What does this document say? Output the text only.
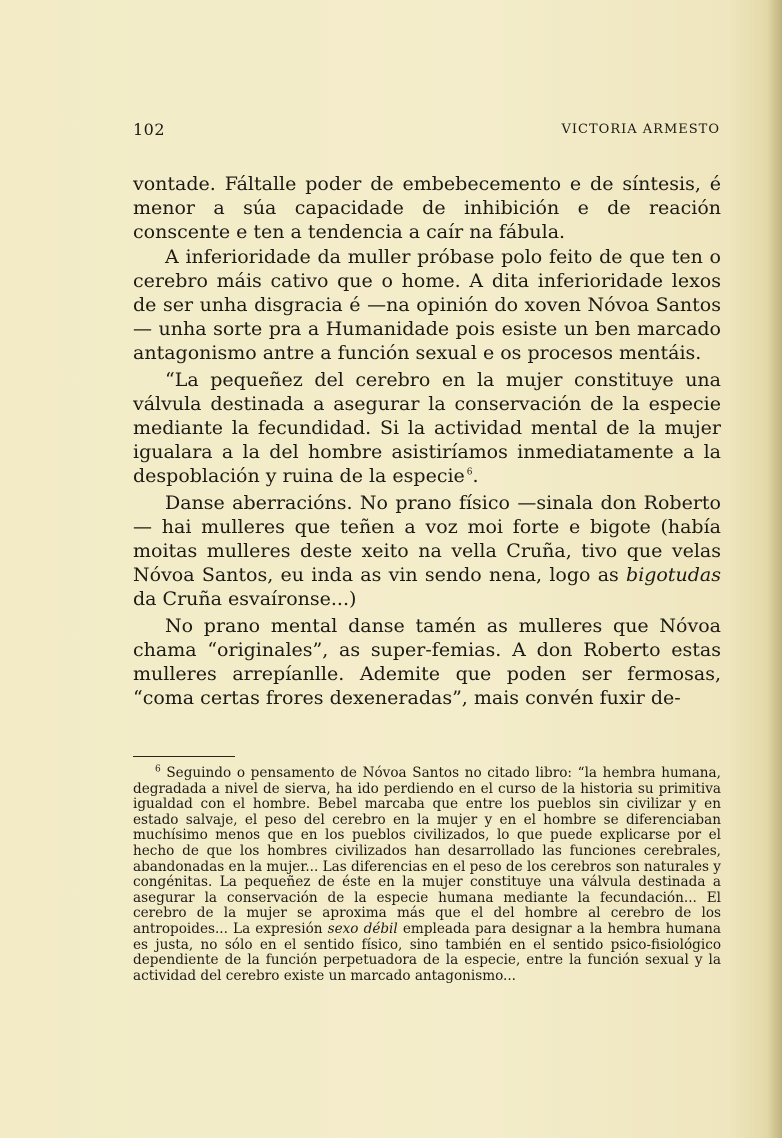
102	VICTORIA ARMESTO

vontade. Fáltalle poder de embebecemento e de síntesis, é menor a súa capacidade de inhibición e de reación conscente e ten a tendencia a caír na fábula.

A inferioridade da muller próbase polo feito de que ten o cerebro máis cativo que o home. A dita inferioridade lexos de ser unha disgracia é —na opinión do xoven Nóvoa Santos— unha sorte pra a Humanidade pois esiste un ben marcado antagonismo antre a función sexual e os procesos mentáis.

“La pequeñez del cerebro en la mujer constituye una válvula destinada a asegurar la conservación de la especie mediante la fecundidad. Si la actividad mental de la mujer igualara a la del hombre asistiríamos inmediatamente a la despoblación y ruina de la especie  $^6$.

Danse aberracións. No prano físico —sinala don Roberto— hai mulleres que teñen a voz moi forte e bigote (había moitas mulleres deste xeito na vella Cruña, tivo que velas Nóvoa Santos, eu inda as vin sendo nena, logo as bigotudas da Cruña esvaíronse...)

No prano mental danse tamén as mulleres que Nóvoa chama “originales”, as super-femias. A don Roberto estas mulleres arrepíanlle. Ademite que poden ser fermosas, “coma certas frores dexeneradas”, mais convén fuxir de-

$^6$ Seguindo o pensamento de Nóvoa Santos no citado libro: “la hembra humana, degradada a nivel de sierva, ha ido perdiendo en el curso de la historia su primitiva igualdad con el hombre. Bebel marcaba que entre los pueblos sin civilizar y en estado salvaje, el peso del cerebro en la mujer y en el hombre se diferenciaban muchísimo menos que en los pueblos civilizados, lo que puede explicarse por el hecho de que los hombres civilizados han desarrollado las funciones cerebrales, abandonadas en la mujer... Las diferencias en el peso de los cerebros son naturales y congénitas. La pequeñez de éste en la mujer constituye una válvula destinada a asegurar la conservación de la especie humana mediante la fecundación... El cerebro de la mujer se aproxima más que el del hombre al cerebro de los antropoides... La expresión sexo débil empleada para designar a la hembra humana es justa, no sólo en el sentido físico, sino también en el sentido psico-fisiológico dependiente de la función perpetuadora de la especie, entre la función sexual y la actividad del cerebro existe un marcado antagonismo...
